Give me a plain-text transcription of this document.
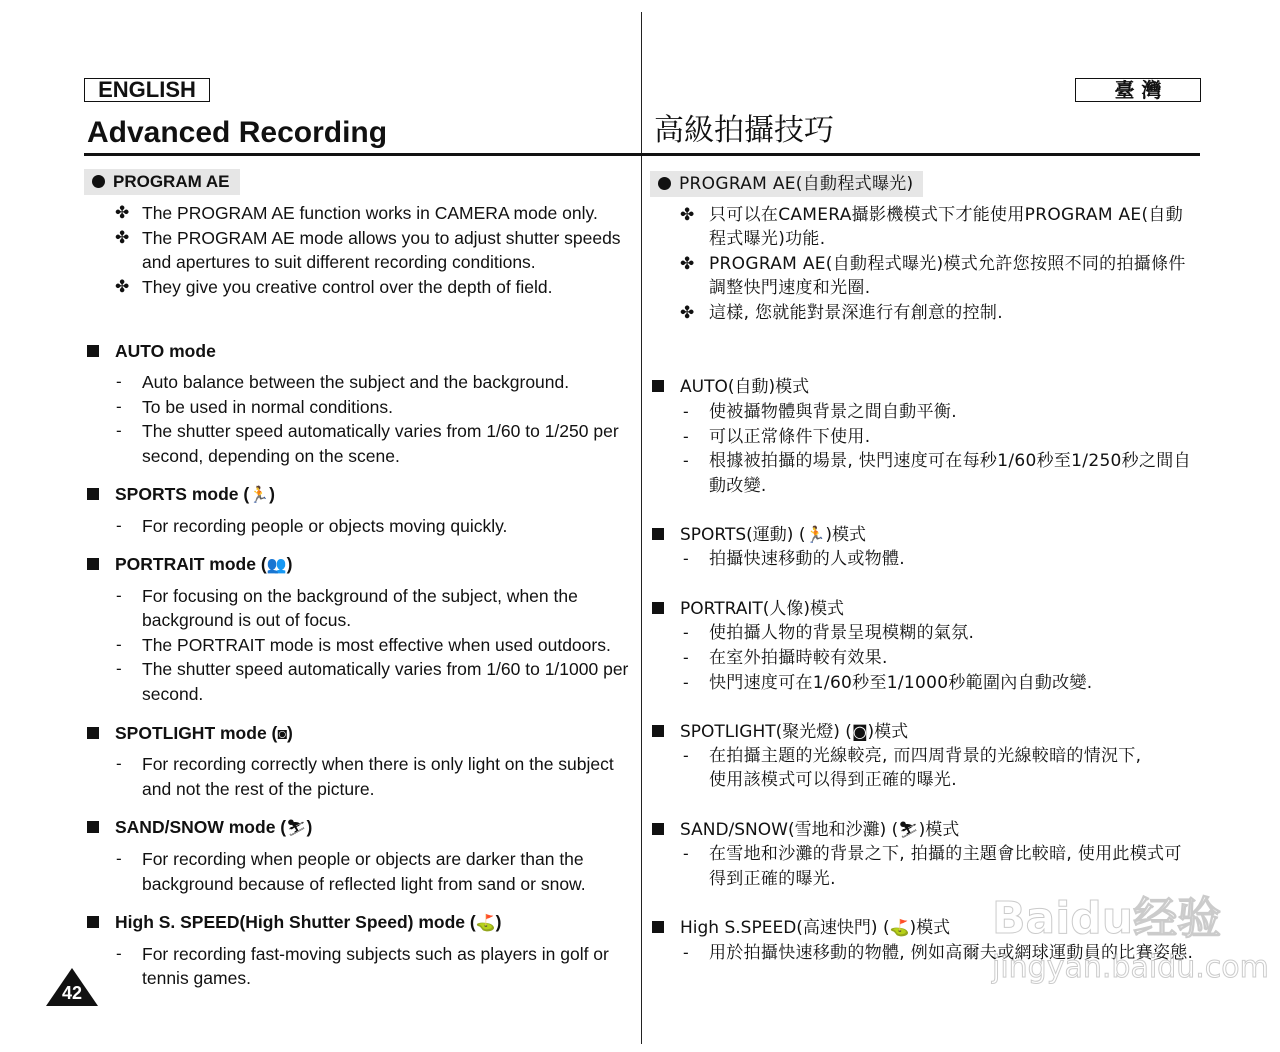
ENGLISH
Advanced Recording
PROGRAM AE
✤ The PROGRAM AE function works in CAMERA mode only.
✤ The PROGRAM AE mode allows you to adjust shutter speeds
and apertures to suit different recording conditions.
✤ They give you creative control over the depth of field.
AUTO mode
- Auto balance between the subject and the background.
- To be used in normal conditions.
- The shutter speed automatically varies from 1/60 to 1/250 per
second, depending on the scene.
SPORTS mode (🏃)
- For recording people or objects moving quickly.
PORTRAIT mode (👥)
- For focusing on the background of the subject, when the
background is out of focus.
- The PORTRAIT mode is most effective when used outdoors.
- The shutter speed automatically varies from 1/60 to 1/1000 per
second.
SPOTLIGHT mode (◙)
- For recording correctly when there is only light on the subject
and not the rest of the picture.
SAND/SNOW mode (⛷)
- For recording when people or objects are darker than the
background because of reflected light from sand or snow.
High S. SPEED(High Shutter Speed) mode (⛳)
- For recording fast-moving subjects such as players in golf or
tennis games.
42
臺 灣
高級拍攝技巧
PROGRAM AE(自動程式曝光)
✤ 只可以在CAMERA攝影機模式下才能使用PROGRAM AE(自動
程式曝光)功能.
✤ PROGRAM AE(自動程式曝光)模式允許您按照不同的拍攝條件
調整快門速度和光圈.
✤ 這樣, 您就能對景深進行有創意的控制.
AUTO(自動)模式
- 使被攝物體與背景之間自動平衡.
- 可以正常條件下使用.
- 根據被拍攝的場景, 快門速度可在每秒1/60秒至1/250秒之間自
動改變.
SPORTS(運動) (🏃)模式
- 拍攝快速移動的人或物體.
PORTRAIT(人像)模式
- 使拍攝人物的背景呈現模糊的氣氛.
- 在室外拍攝時較有效果.
- 快門速度可在1/60秒至1/1000秒範圍內自動改變.
SPOTLIGHT(聚光燈) (◙)模式
- 在拍攝主題的光線較亮, 而四周背景的光線較暗的情況下,
使用該模式可以得到正確的曝光.
SAND/SNOW(雪地和沙灘) (⛷)模式
- 在雪地和沙灘的背景之下, 拍攝的主題會比較暗, 使用此模式可
得到正確的曝光.
High S.SPEED(高速快門) (⛳)模式
- 用於拍攝快速移動的物體, 例如高爾夫或網球運動員的比賽姿態.
Baidu经验
jingyan.baidu.com
